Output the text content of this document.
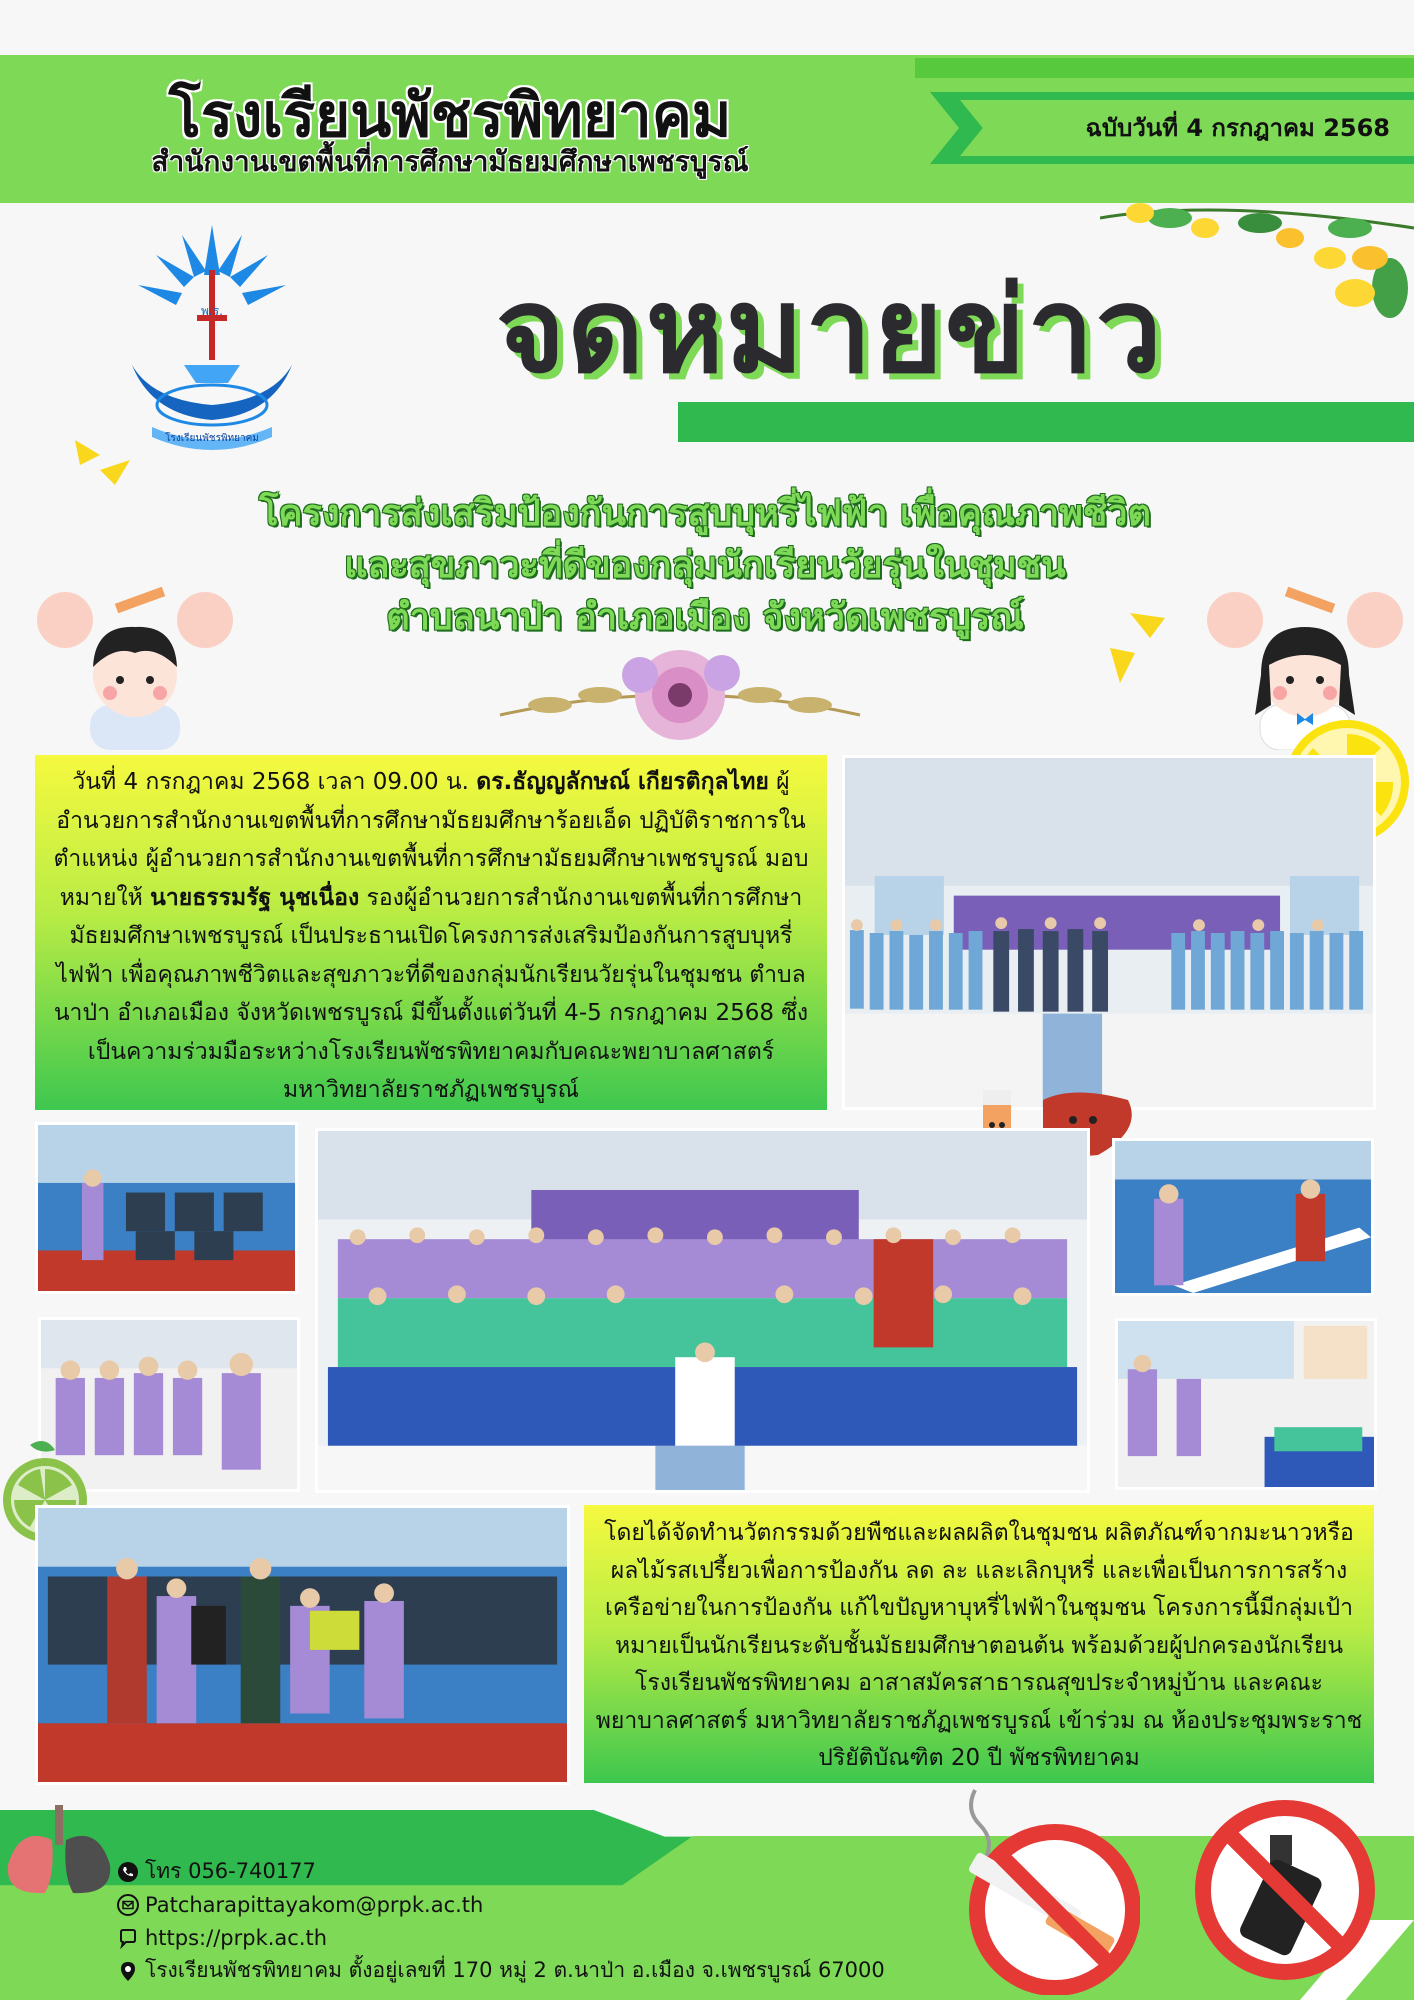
โรงเรียนพัชรพิทยาคม
สำนักงานเขตพื้นที่การศึกษามัธยมศึกษาเพชรบูรณ์
ฉบับวันที่ 4 กรกฎาคม 2568
พ.ร.
โรงเรียนพัชรพิทยาคม
จดหมายข่าว
โครงการส่งเสริมป้องกันการสูบบุหรี่ไฟฟ้า เพื่อคุณภาพชีวิต
และสุขภาวะที่ดีของกลุ่มนักเรียนวัยรุ่นในชุมชน
ตำบลนาป่า อำเภอเมือง จังหวัดเพชรบูรณ์
วันที่ 4 กรกฎาคม 2568 เวลา 09.00 น. ดร.ธัญญลักษณ์ เกียรติกุลไทย ผู้อำนวยการสำนักงานเขตพื้นที่การศึกษามัธยมศึกษาร้อยเอ็ด ปฏิบัติราชการในตำแหน่ง ผู้อำนวยการสำนักงานเขตพื้นที่การศึกษามัธยมศึกษาเพชรบูรณ์ มอบหมายให้ นายธรรมรัฐ นุชเนื่อง รองผู้อำนวยการสำนักงานเขตพื้นที่การศึกษามัธยมศึกษาเพชรบูรณ์ เป็นประธานเปิดโครงการส่งเสริมป้องกันการสูบบุหรี่ไฟฟ้า เพื่อคุณภาพชีวิตและสุขภาวะที่ดีของกลุ่มนักเรียนวัยรุ่นในชุมชน ตำบลนาป่า อำเภอเมือง จังหวัดเพชรบูรณ์ มีขึ้นตั้งแต่วันที่ 4-5 กรกฎาคม 2568 ซึ่งเป็นความร่วมมือระหว่างโรงเรียนพัชรพิทยาคมกับคณะพยาบาลศาสตร์ มหาวิทยาลัยราชภัฏเพชรบูรณ์
โดยได้จัดทำนวัตกรรมด้วยพืชและผลผลิตในชุมชน ผลิตภัณฑ์จากมะนาวหรือผลไม้รสเปรี้ยวเพื่อการป้องกัน ลด ละ และเลิกบุหรี่ และเพื่อเป็นการการสร้างเครือข่ายในการป้องกัน แก้ไขปัญหาบุหรี่ไฟฟ้าในชุมชน โครงการนี้มีกลุ่มเป้าหมายเป็นนักเรียนระดับชั้นมัธยมศึกษาตอนต้น พร้อมด้วยผู้ปกครองนักเรียนโรงเรียนพัชรพิทยาคม อาสาสมัครสาธารณสุขประจำหมู่บ้าน และคณะพยาบาลศาสตร์ มหาวิทยาลัยราชภัฏเพชรบูรณ์ เข้าร่วม ณ ห้องประชุมพระราชปริยัติบัณฑิต 20 ปี พัชรพิทยาคม
โทร 056-740177
Patcharapittayakom@prpk.ac.th
https://prpk.ac.th
โรงเรียนพัชรพิทยาคม ตั้งอยู่เลขที่ 170 หมู่ 2 ต.นาป่า อ.เมือง จ.เพชรบูรณ์ 67000
